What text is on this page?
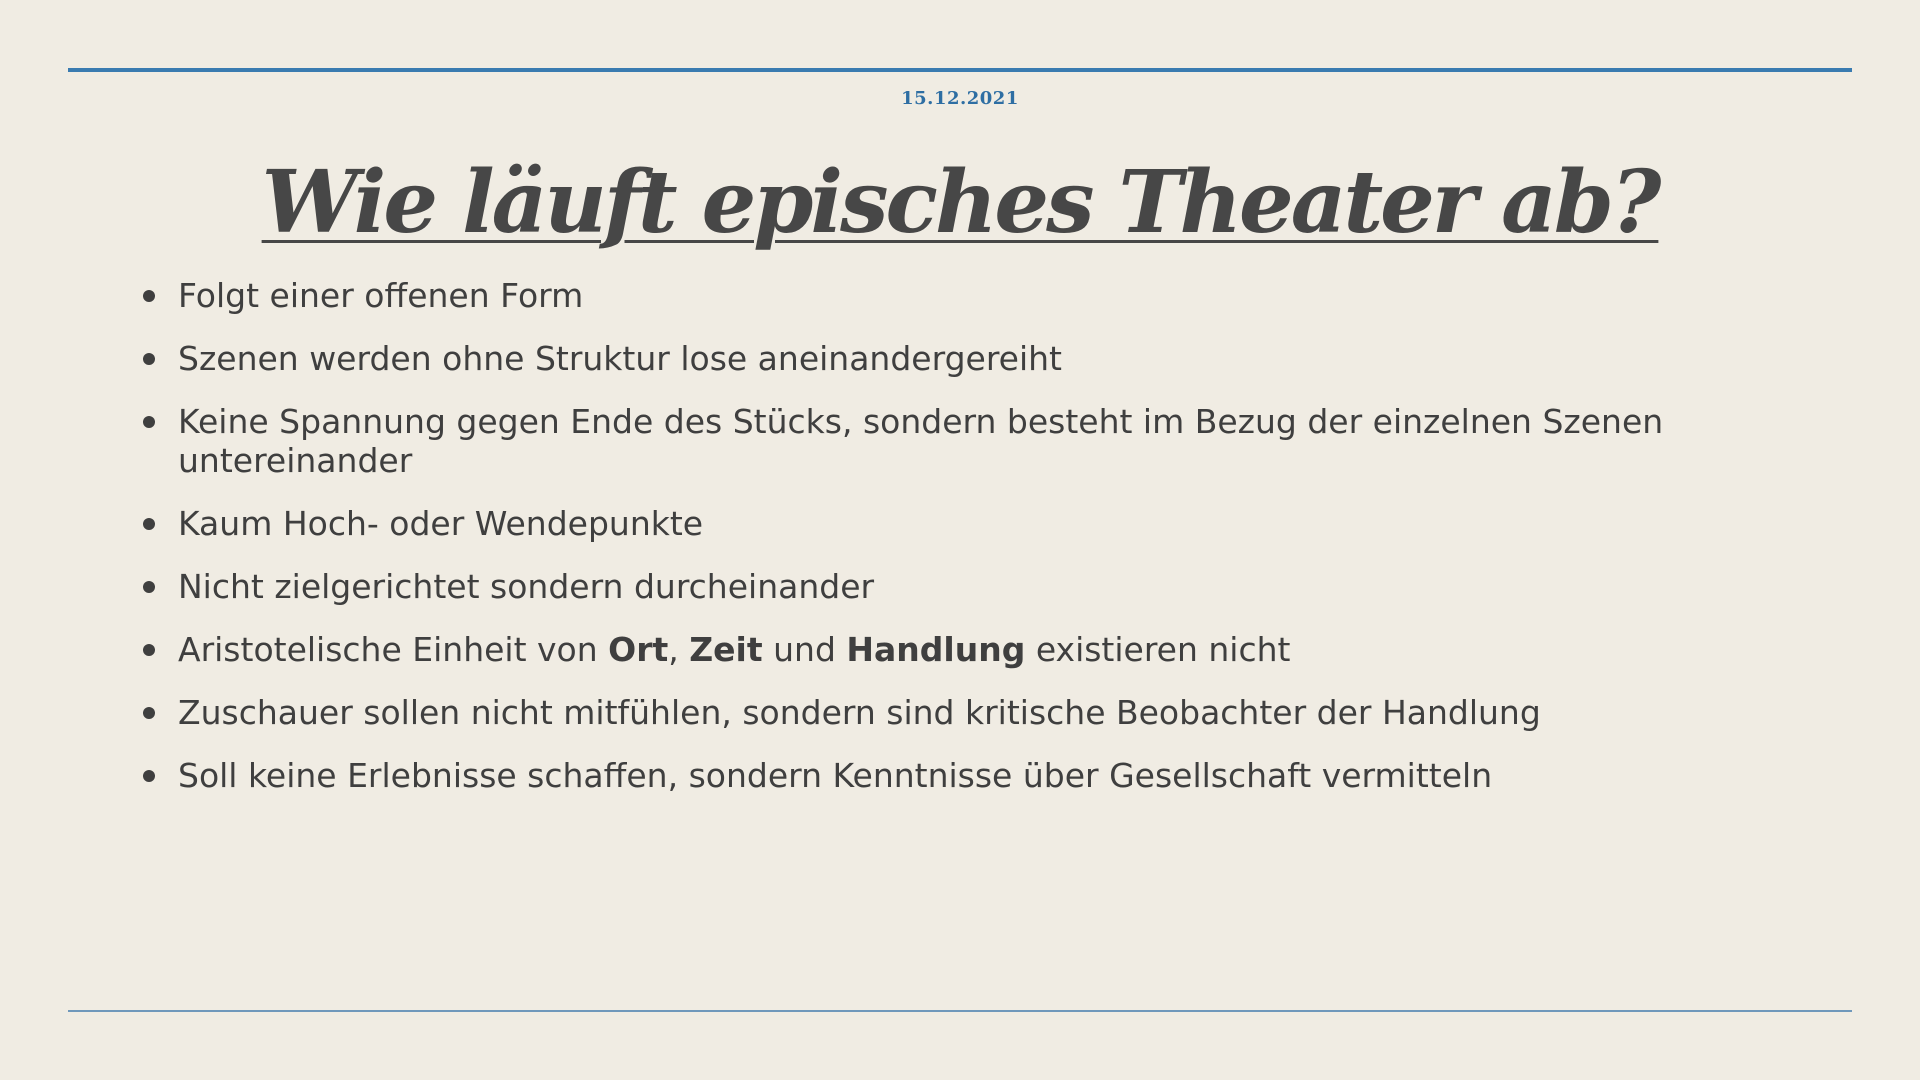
15.12.2021
Wie läuft episches Theater ab?
Folgt einer offenen Form
Szenen werden ohne Struktur lose aneinandergereiht
Keine Spannung gegen Ende des Stücks, sondern besteht im Bezug der einzelnen Szenen untereinander
Kaum Hoch- oder Wendepunkte
Nicht zielgerichtet sondern durcheinander
Aristotelische Einheit von Ort, Zeit und Handlung existieren nicht
Zuschauer sollen nicht mitfühlen, sondern sind kritische Beobachter der Handlung
Soll keine Erlebnisse schaffen, sondern Kenntnisse über Gesellschaft vermitteln
